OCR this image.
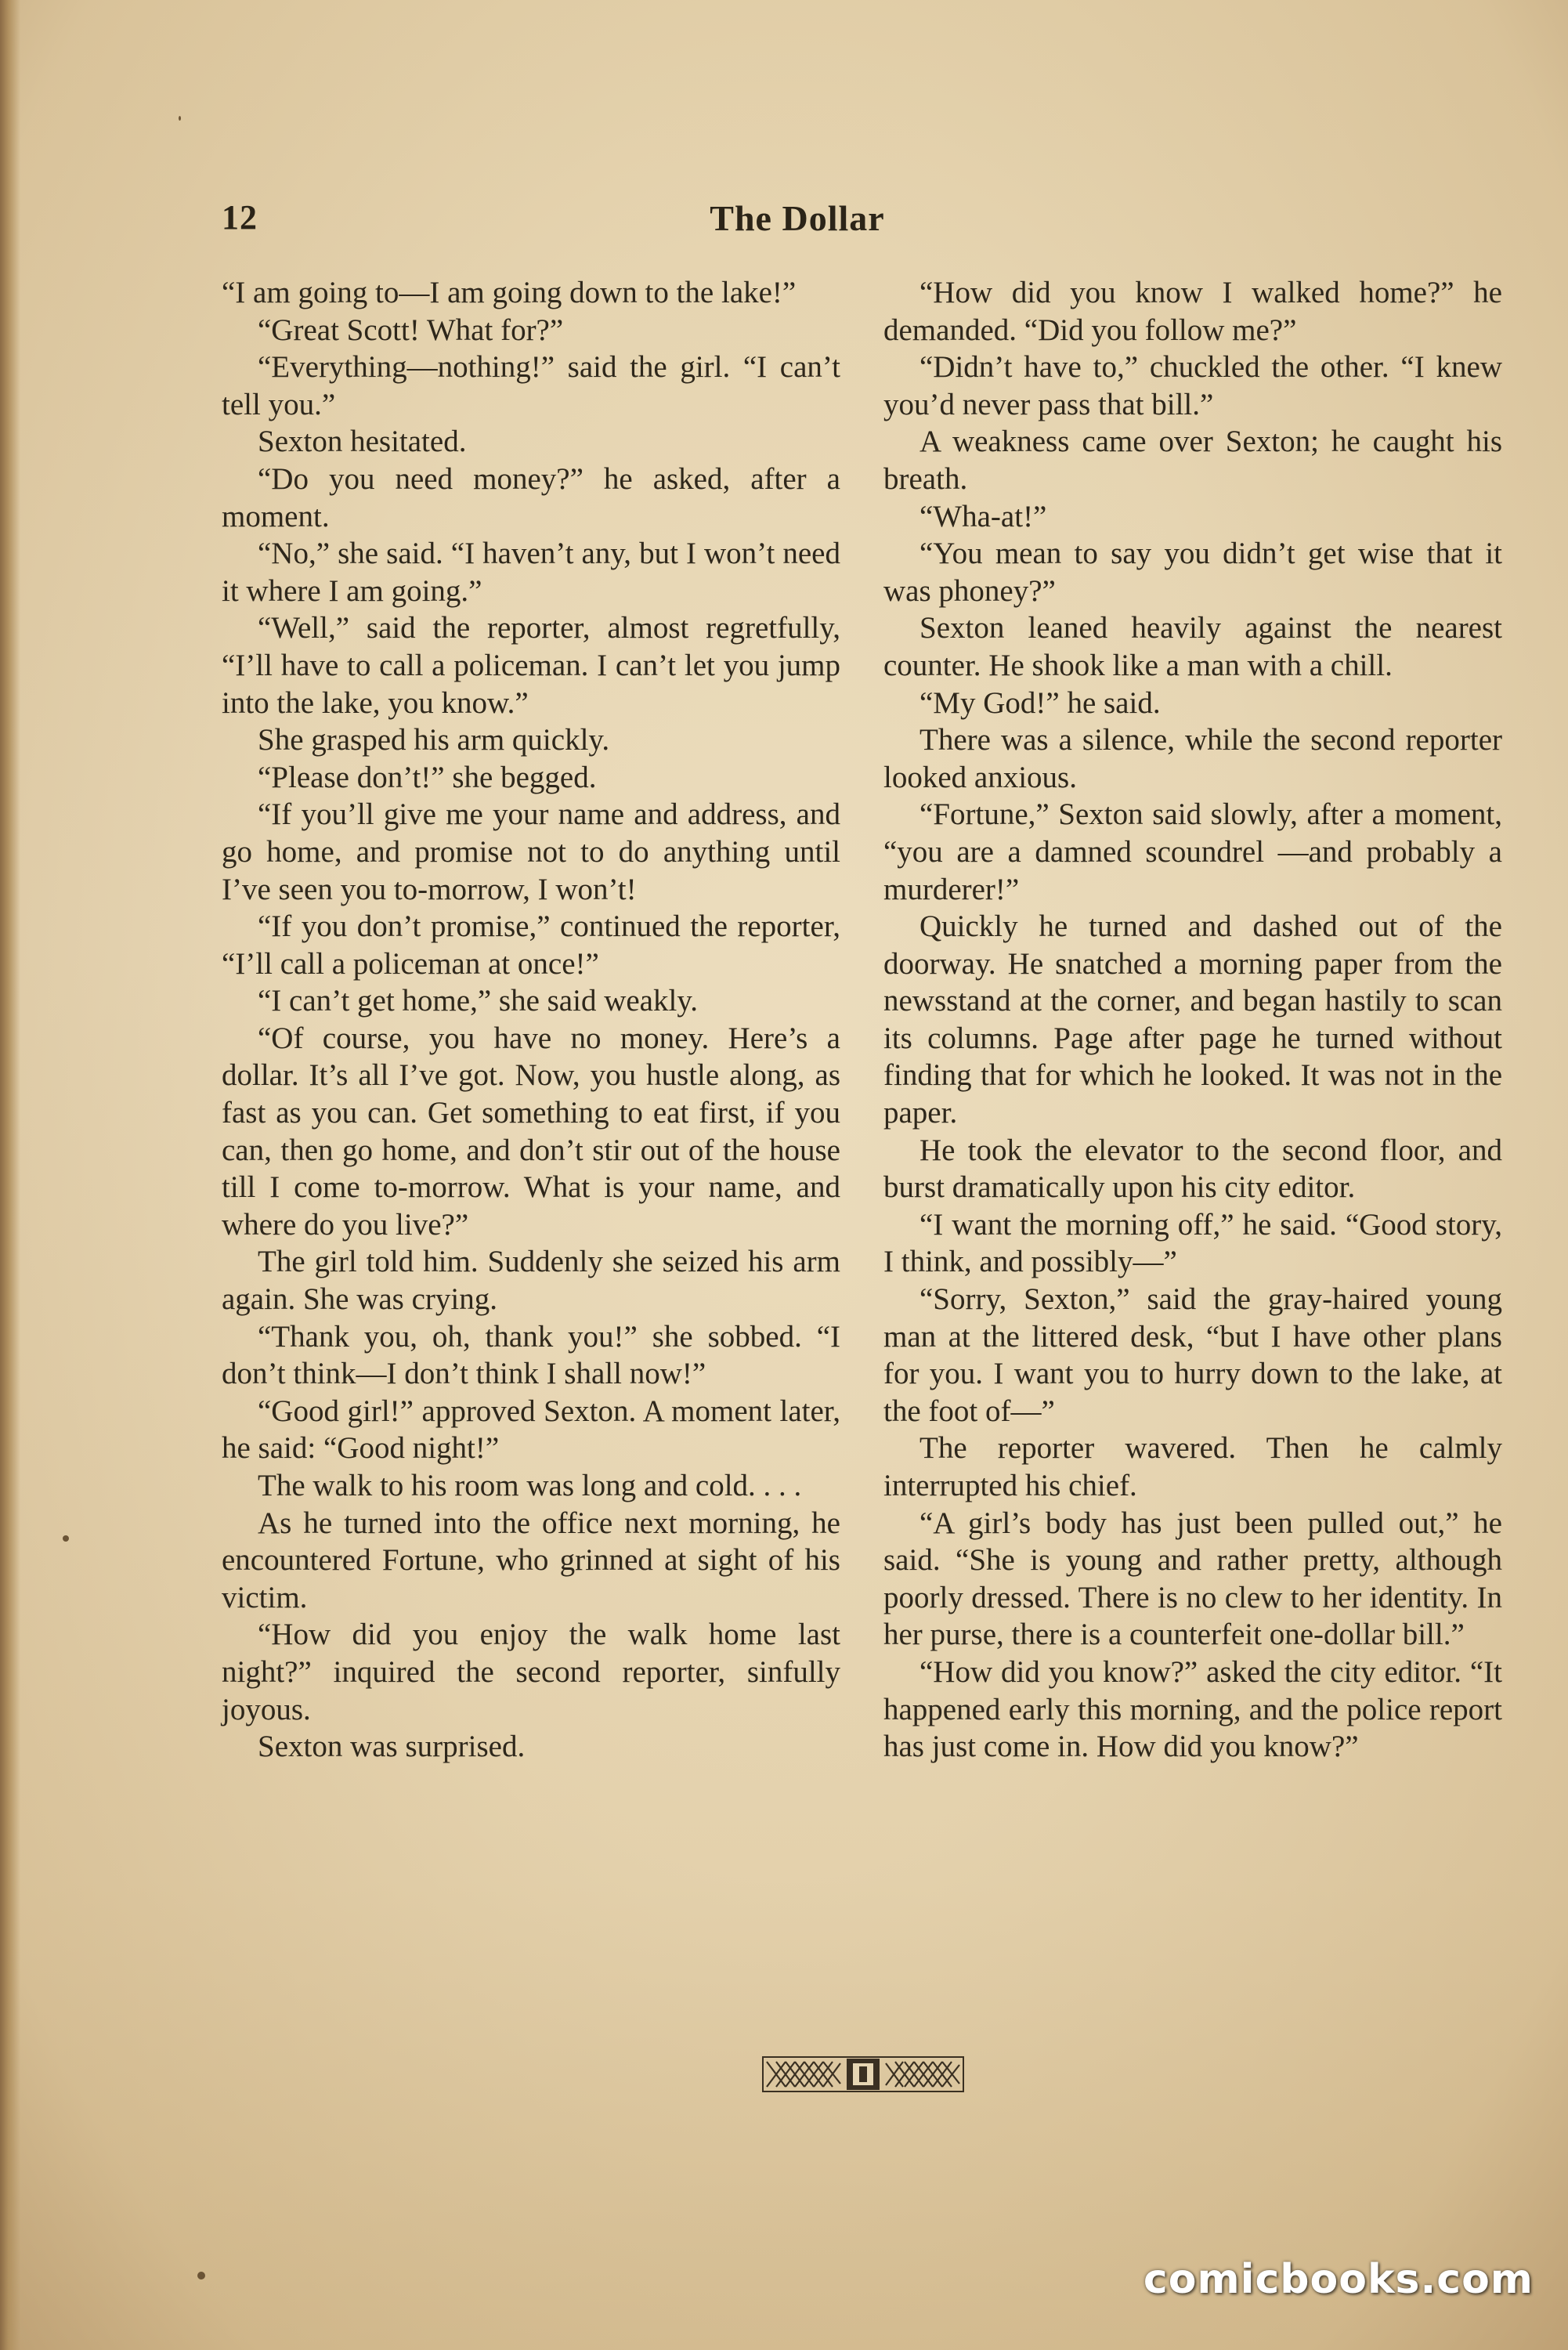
The Dollar
12

“I am going to—I am going down to the lake!”

“Great Scott! What for?”

“Everything—nothing!” said the girl. “I can’t tell you.”

Sexton hesitated.

“Do you need money?” he asked, after a moment.

“No,” she said. “I haven’t any, but I won’t need it where I am going.”

“Well,” said the reporter, almost regretfully, “I’ll have to call a policeman. I can’t let you jump into the lake, you know.”

She grasped his arm quickly.

“Please don’t!” she begged.

“If you’ll give me your name and address, and go home, and promise not to do anything until I’ve seen you to-morrow, I won’t!

“If you don’t promise,” continued the reporter, “I’ll call a policeman at once!”

“I can’t get home,” she said weakly.

“Of course, you have no money. Here’s a dollar. It’s all I’ve got. Now, you hustle along, as fast as you can. Get something to eat first, if you can, then go home, and don’t stir out of the house till I come to-morrow. What is your name, and where do you live?”

The girl told him. Suddenly she seized his arm again. She was crying.

“Thank you, oh, thank you!” she sobbed. “I don’t think—I don’t think I shall now!”

“Good girl!” approved Sexton. A moment later, he said: “Good night!”

The walk to his room was long and cold. . . .

As he turned into the office next morning, he encountered Fortune, who grinned at sight of his victim.

“How did you enjoy the walk home last night?” inquired the second reporter, sinfully joyous.

Sexton was surprised.

“How did you know I walked home?” he demanded. “Did you follow me?”

“Didn’t have to,” chuckled the other. “I knew you’d never pass that bill.”

A weakness came over Sexton; he caught his breath.

“Wha-at!”

“You mean to say you didn’t get wise that it was phoney?”

Sexton leaned heavily against the nearest counter. He shook like a man with a chill.

“My God!” he said.

There was a silence, while the second reporter looked anxious.

“Fortune,” Sexton said slowly, after a moment, “you are a damned scoundrel —and probably a murderer!”

Quickly he turned and dashed out of the doorway. He snatched a morning paper from the newsstand at the corner, and began hastily to scan its columns. Page after page he turned without finding that for which he looked. It was not in the paper.

He took the elevator to the second floor, and burst dramatically upon his city editor.

“I want the morning off,” he said. “Good story, I think, and possibly—”

“Sorry, Sexton,” said the gray-haired young man at the littered desk, “but I have other plans for you. I want you to hurry down to the lake, at the foot of—”

The reporter wavered. Then he calmly interrupted his chief.

“A girl’s body has just been pulled out,” he said. “She is young and rather pretty, although poorly dressed. There is no clew to her identity. In her purse, there is a counterfeit one-dollar bill.”

“How did you know?” asked the city editor. “It happened early this morning, and the police report has just come in. How did you know?”

comicbooks.com
